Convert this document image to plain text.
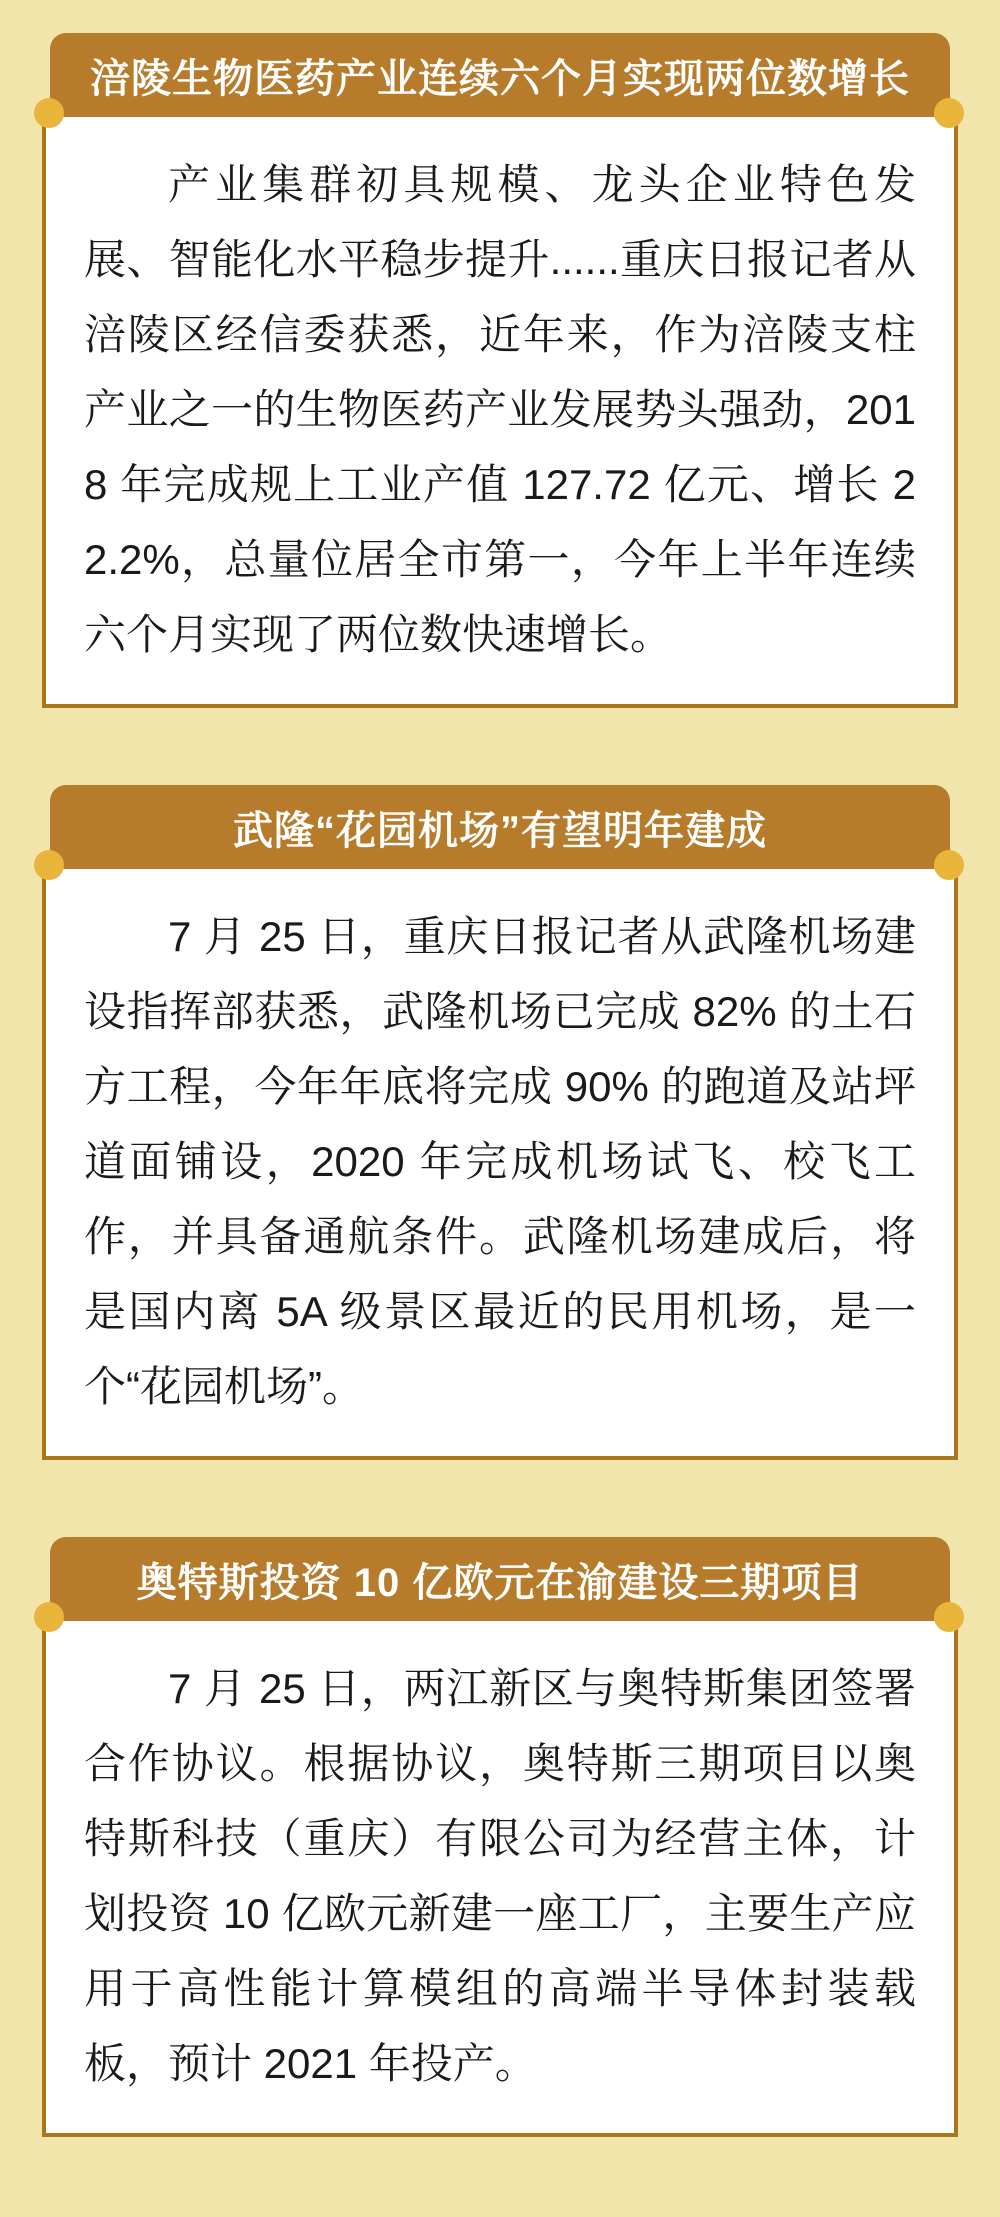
涪陵生物医药产业连续六个月实现两位数增长

产业集群初具规模、龙头企业特色发展、智能化水平稳步提升......重庆日报记者从涪陵区经信委获悉，近年来，作为涪陵支柱产业之一的生物医药产业发展势头强劲，2018 年完成规上工业产值 127.72 亿元、增长 22.2%，总量位居全市第一，今年上半年连续六个月实现了两位数快速增长。

武隆“花园机场”有望明年建成

7 月 25 日，重庆日报记者从武隆机场建设指挥部获悉，武隆机场已完成 82% 的土石方工程，今年年底将完成 90% 的跑道及站坪道面铺设，2020 年完成机场试飞、校飞工作，并具备通航条件。武隆机场建成后，将是国内离 5A 级景区最近的民用机场，是一个“花园机场”。

奥特斯投资 10 亿欧元在渝建设三期项目

7 月 25 日，两江新区与奥特斯集团签署合作协议。根据协议，奥特斯三期项目以奥特斯科技（重庆）有限公司为经营主体，计划投资 10 亿欧元新建一座工厂，主要生产应用于高性能计算模组的高端半导体封装载板，预计 2021 年投产。
